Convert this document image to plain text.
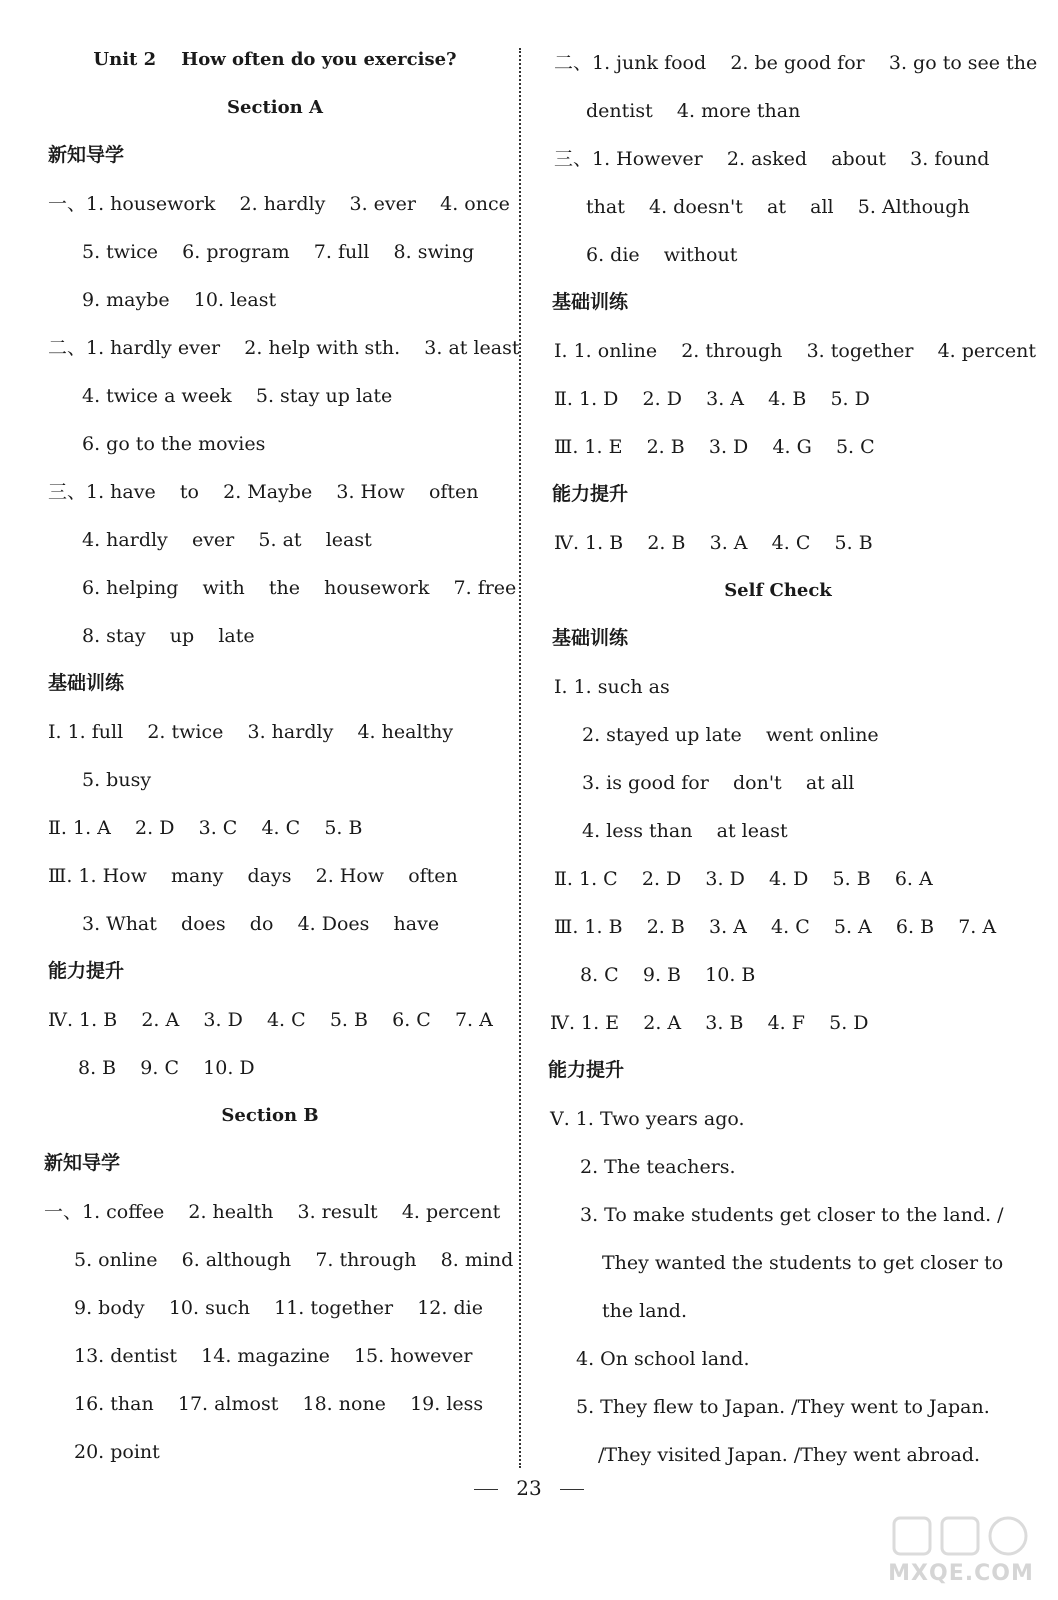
Unit 2    How often do you exercise?
Section A
新知导学
一、1. housework    2. hardly    3. ever    4. once
5. twice    6. program    7. full    8. swing
9. maybe    10. least
二、1. hardly ever    2. help with sth.    3. at least
4. twice a week    5. stay up late
6. go to the movies
三、1. have    to    2. Maybe    3. How    often
4. hardly    ever    5. at    least
6. helping    with    the    housework    7. free
8. stay    up    late
基础训练
Ⅰ. 1. full    2. twice    3. hardly    4. healthy
5. busy
Ⅱ. 1. A    2. D    3. C    4. C    5. B
Ⅲ. 1. How    many    days    2. How    often
3. What    does    do    4. Does    have
能力提升
Ⅳ. 1. B    2. A    3. D    4. C    5. B    6. C    7. A
8. B    9. C    10. D
Section B
新知导学
一、1. coffee    2. health    3. result    4. percent
5. online    6. although    7. through    8. mind
9. body    10. such    11. together    12. die
13. dentist    14. magazine    15. however
16. than    17. almost    18. none    19. less
20. point
二、1. junk food    2. be good for    3. go to see the
dentist    4. more than
三、1. However    2. asked    about    3. found
that    4. doesn't    at    all    5. Although
6. die    without
基础训练
Ⅰ. 1. online    2. through    3. together    4. percent
Ⅱ. 1. D    2. D    3. A    4. B    5. D
Ⅲ. 1. E    2. B    3. D    4. G    5. C
能力提升
Ⅳ. 1. B    2. B    3. A    4. C    5. B
Self Check
基础训练
Ⅰ. 1. such as
2. stayed up late    went online
3. is good for    don't    at all
4. less than    at least
Ⅱ. 1. C    2. D    3. D    4. D    5. B    6. A
Ⅲ. 1. B    2. B    3. A    4. C    5. A    6. B    7. A
8. C    9. B    10. B
Ⅳ. 1. E    2. A    3. B    4. F    5. D
能力提升
Ⅴ. 1. Two years ago.
2. The teachers.
3. To make students get closer to the land. /
They wanted the students to get closer to
the land.
4. On school land.
5. They flew to Japan. /They went to Japan.
/They visited Japan. /They went abroad.
23
MXQE.COM
